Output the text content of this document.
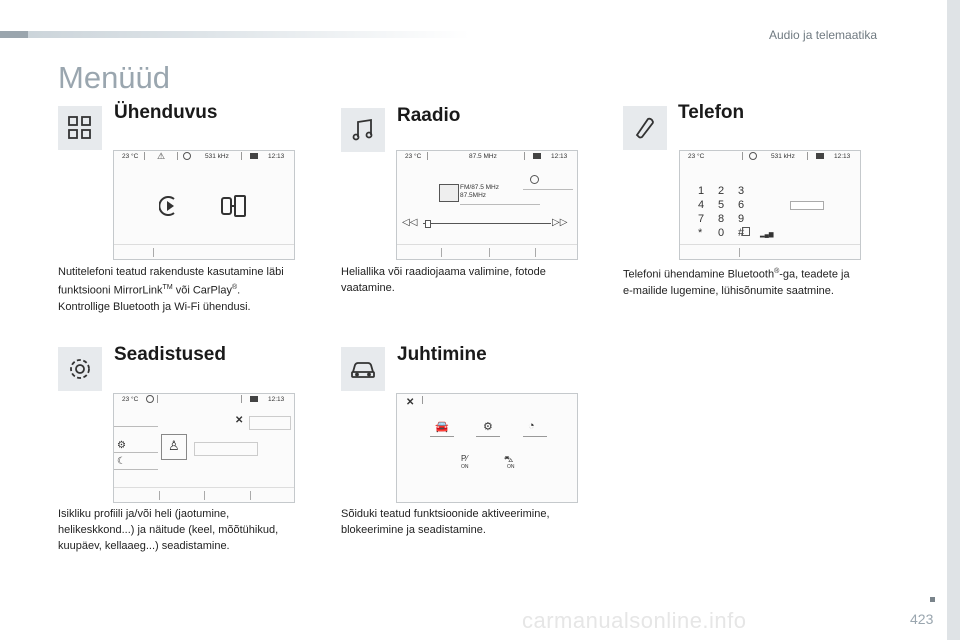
Audio ja telemaatika
Menüüd
Ühenduvus
23 °C ⚠	531 kHz	12:13
Nutitelefoni teatud rakenduste kasutamine läbi
funktsiooni MirrorLink™ või CarPlay®.
Kontrollige Bluetooth ja Wi-Fi ühendusi.
Raadio
23 °C	87.5 MHz	12:13
FM/87.5 MHz
87.5MHz
◁◁	▷▷
Heliallika või raadiojaama valimine, fotode
vaatamine.
Telefon
23 °C	531 kHz	12:13
1	2	3
4	5	6
7	8	9
*	0	#	▂▄▆
Telefoni ühendamine Bluetooth®-ga, teadete ja
e-mailide lugemine, lühisõnumite saatmine.
Seadistused
23 °C	12:13
✕
⚙
☾
♙
Isikliku profiili ja/või heli (jaotumine,
helikeskkond...) ja näitude (keel, mõõtühikud,
kuupäev, kellaaeg...) seadistamine.
Juhtimine
✕
🚘	⚙	◔
P⁄
ON
⛍
ON
Sõiduki teatud funktsioonide aktiveerimine,
blokeerimine ja seadistamine.
carmanualsonline.info	423
